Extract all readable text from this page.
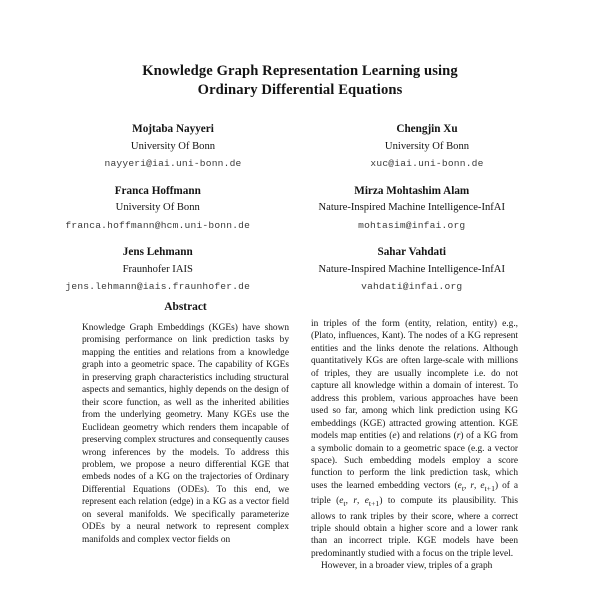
Knowledge Graph Representation Learning using
Ordinary Differential Equations
Mojtaba Nayyeri
University Of Bonn
nayyeri@iai.uni-bonn.de
Chengjin Xu
University Of Bonn
xuc@iai.uni-bonn.de
Franca Hoffmann
University Of Bonn
franca.hoffmann@hcm.uni-bonn.de
Mirza Mohtashim Alam
Nature-Inspired Machine Intelligence-InfAI
mohtasim@infai.org
Jens Lehmann
Fraunhofer IAIS
jens.lehmann@iais.fraunhofer.de
Sahar Vahdati
Nature-Inspired Machine Intelligence-InfAI
vahdati@infai.org
Abstract

Knowledge Graph Embeddings (KGEs) have shown promising performance on link prediction tasks by mapping the entities and relations from a knowledge graph into a geometric space. The capability of KGEs in preserving graph characteristics including structural aspects and semantics, highly depends on the design of their score function, as well as the inherited abilities from the underlying geometry. Many KGEs use the Euclidean geometry which renders them incapable of preserving complex structures and consequently causes wrong inferences by the models. To address this problem, we propose a neuro differential KGE that embeds nodes of a KG on the trajectories of Ordinary Differential Equations (ODEs). To this end, we represent each relation (edge) in a KG as a vector field on several manifolds. We specifically parameterize ODEs by a neural network to represent complex manifolds and complex vector fields on

in triples of the form (entity, relation, entity) e.g., (Plato, influences, Kant). The nodes of a KG represent entities and the links denote the relations. Although quantitatively KGs are often large-scale with millions of triples, they are usually incomplete i.e. do not capture all knowledge within a domain of interest. To address this problem, various approaches have been used so far, among which link prediction using KG embeddings (KGE) attracted growing attention. KGE models map entities (e) and relations (r) of a KG from a symbolic domain to a geometric space (e.g. a vector space). Such embedding models employ a score function to perform the link prediction task, which uses the learned embedding vectors ($e_t$, r, $e_{t+1}$) of a triple ($e_t$, r, $e_{t+1}$) to compute its plausibility. This allows to rank triples by their score, where a correct triple should obtain a higher score and a lower rank than an incorrect triple. KGE models have been predominantly studied with a focus on the triple level.

However, in a broader view, triples of a graph
